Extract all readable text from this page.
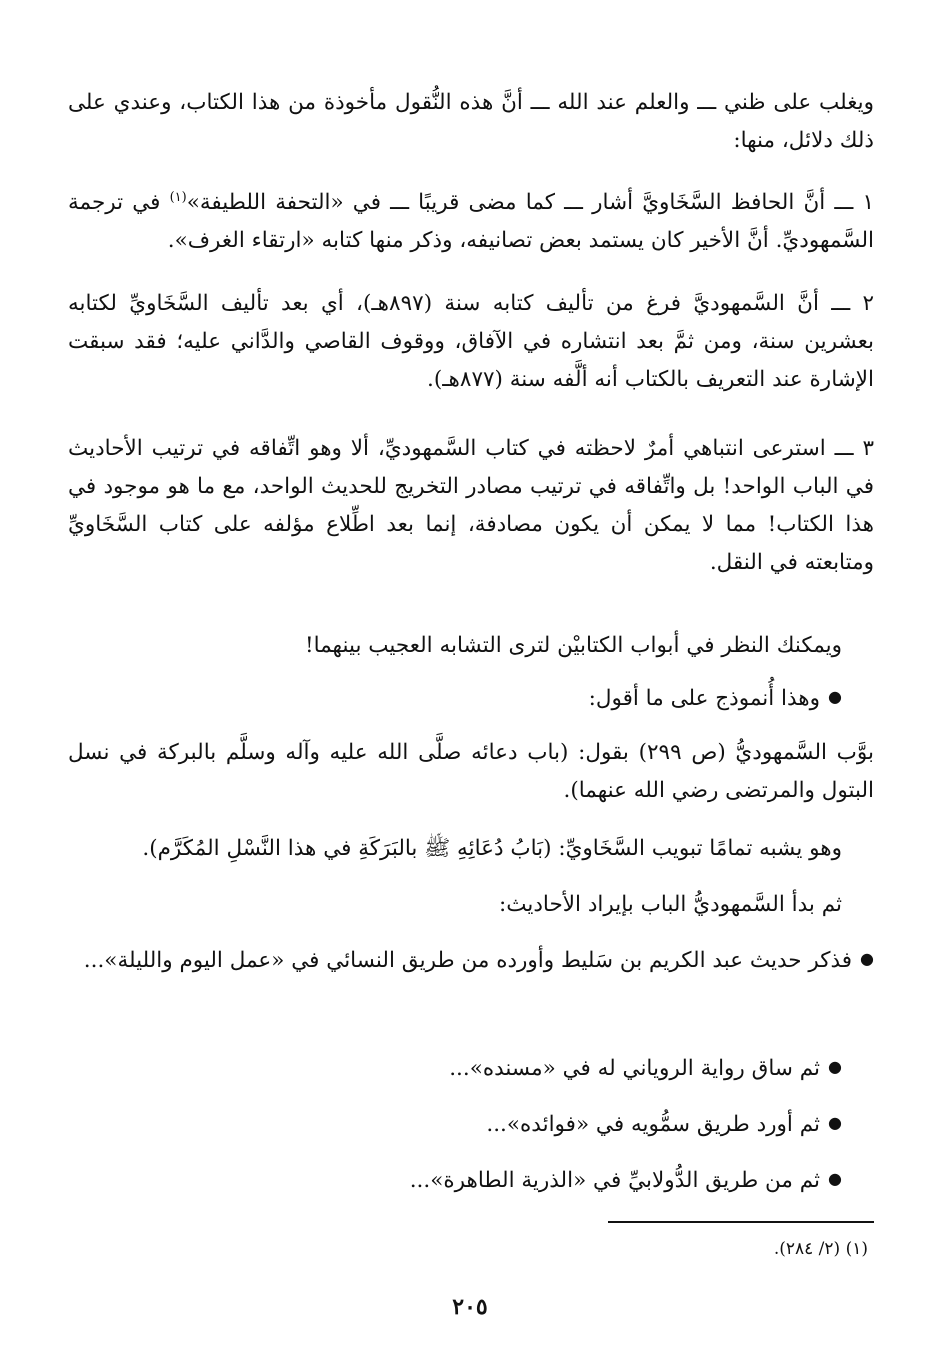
ويغلب على ظني ـــ والعلم عند الله ـــ أنَّ هذه النُّقول مأخوذة من هذا الكتاب، وعندي على ذلك دلائل، منها:

١ ـــ أنَّ الحافظ السَّخَاويَّ أشار ـــ كما مضى قريبًا ـــ في «التحفة اللطيفة»$^{(١)}$ في ترجمة السَّمهوديِّ. أنَّ الأخير كان يستمد بعض تصانيفه، وذكر منها كتابه «ارتقاء الغرف».

٢ ـــ أنَّ السَّمهوديَّ فرغ من تأليف كتابه سنة (٨٩٧هـ)، أي بعد تأليف السَّخَاويِّ لكتابه بعشرين سنة، ومن ثمَّ بعد انتشاره في الآفاق، ووقوف القاصي والدَّاني عليه؛ فقد سبقت الإشارة عند التعريف بالكتاب أنه ألَّفه سنة (٨٧٧هـ).

٣ ـــ استرعى انتباهي أمرٌ لاحظته في كتاب السَّمهوديِّ، ألا وهو اتِّفاقه في ترتيب الأحاديث في الباب الواحد! بل واتِّفاقه في ترتيب مصادر التخريج للحديث الواحد، مع ما هو موجود في هذا الكتاب! مما لا يمكن أن يكون مصادفة، إنما بعد اطِّلاع مؤلفه على كتاب السَّخَاويِّ ومتابعته في النقل.

ويمكنك النظر في أبواب الكتابيْن لترى التشابه العجيب بينهما!

●وهذا أُنموذج على ما أقول:

بوَّب السَّمهوديُّ (ص ٢٩٩) بقول: (باب دعائه صلَّى الله عليه وآله وسلَّم بالبركة في نسل البتول والمرتضى رضي الله عنهما).

وهو يشبه تمامًا تبويب السَّخَاويِّ: (بَابُ دُعَائِهِ ﷺ بالبَرَكَةِ في هذا النَّسْلِ المُكَرَّم).

ثم بدأ السَّمهوديُّ الباب بإيراد الأحاديث:

●فذكر حديث عبد الكريم بن سَليط وأورده من طريق النسائي في «عمل اليوم والليلة»...

●ثم ساق رواية الروياني له في «مسنده»...

●ثم أورد طريق سمُّويه في «فوائده»...

●ثم من طريق الدُّولابيِّ في «الذرية الطاهرة»...

(١) (٢/ ٢٨٤).

٢٠٥
